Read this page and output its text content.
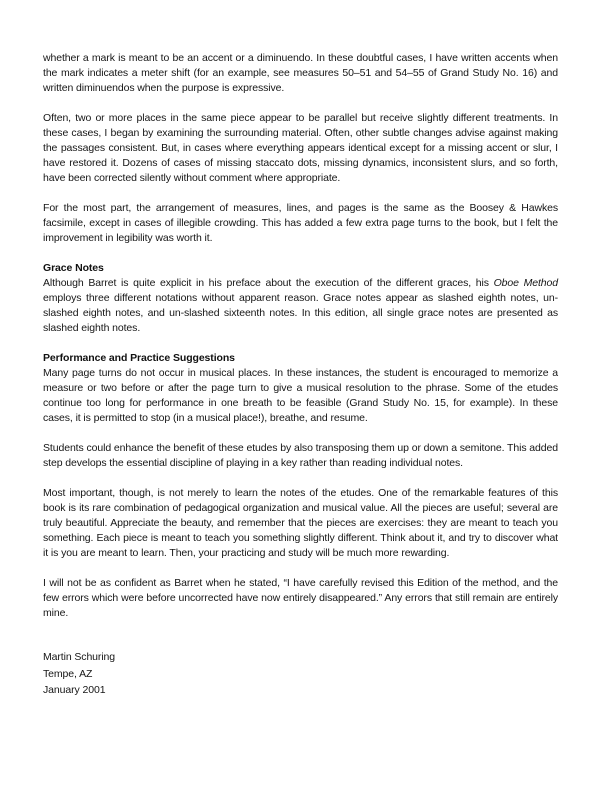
whether a mark is meant to be an accent or a diminuendo. In these doubtful cases, I have written accents when the mark indicates a meter shift (for an example, see measures 50–51 and 54–55 of Grand Study No. 16) and written diminuendos when the purpose is expressive.

Often, two or more places in the same piece appear to be parallel but receive slightly different treatments. In these cases, I began by examining the surrounding material. Often, other subtle changes advise against making the passages consistent. But, in cases where everything appears identical except for a missing accent or slur, I have restored it. Dozens of cases of missing staccato dots, missing dynamics, inconsistent slurs, and so forth, have been corrected silently without comment where appropriate.

For the most part, the arrangement of measures, lines, and pages is the same as the Boosey & Hawkes facsimile, except in cases of illegible crowding. This has added a few extra page turns to the book, but I felt the improvement in legibility was worth it.

Grace Notes

Although Barret is quite explicit in his preface about the execution of the different graces, his Oboe Method employs three different notations without apparent reason. Grace notes appear as slashed eighth notes, un-slashed eighth notes, and un-slashed sixteenth notes. In this edition, all single grace notes are presented as slashed eighth notes.

Performance and Practice Suggestions

Many page turns do not occur in musical places. In these instances, the student is encouraged to memorize a measure or two before or after the page turn to give a musical resolution to the phrase. Some of the etudes continue too long for performance in one breath to be feasible (Grand Study No. 15, for example). In these cases, it is permitted to stop (in a musical place!), breathe, and resume.

Students could enhance the benefit of these etudes by also transposing them up or down a semitone. This added step develops the essential discipline of playing in a key rather than reading individual notes.

Most important, though, is not merely to learn the notes of the etudes. One of the remarkable features of this book is its rare combination of pedagogical organization and musical value. All the pieces are useful; several are truly beautiful. Appreciate the beauty, and remember that the pieces are exercises: they are meant to teach you something. Each piece is meant to teach you something slightly different. Think about it, and try to discover what it is you are meant to learn. Then, your practicing and study will be much more rewarding.

I will not be as confident as Barret when he stated, “I have carefully revised this Edition of the method, and the few errors which were before uncorrected have now entirely disappeared.” Any errors that still remain are entirely mine.

Martin Schuring
Tempe, AZ
January 2001
